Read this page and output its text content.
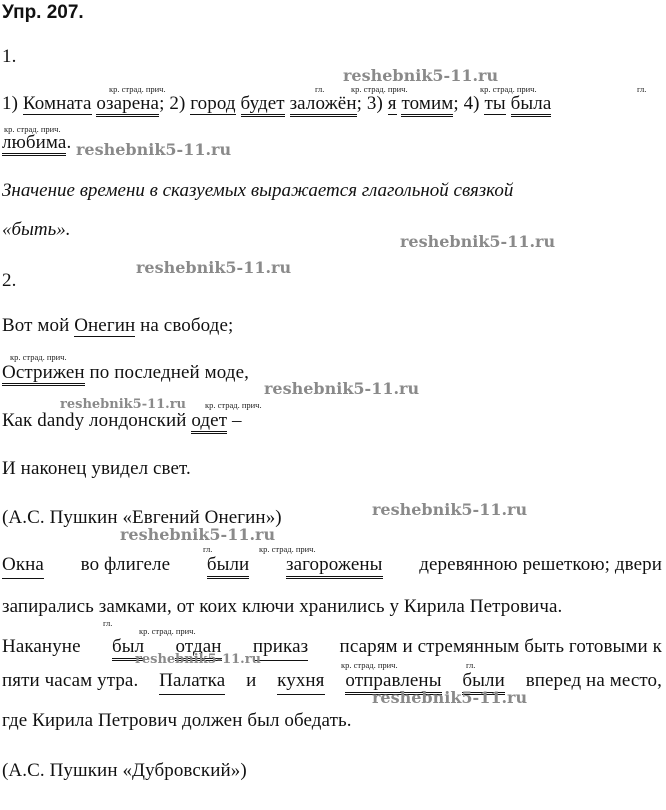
Упр. 207.
1.
reshebnik5-11.ru
кр. страд. прич.	гл.	кр. страд. прич.	кр. страд. прич.	гл.
1) Комната озарена; 2) город будет заложён; 3) я томим; 4) ты была
кр. страд. прич.
любима. reshebnik5-11.ru
Значение времени в сказуемых выражается глагольной связкой
«быть».
reshebnik5-11.ru
2.
reshebnik5-11.ru
Вот мой Онегин на свободе;
кр. страд. прич.
Острижен по последней моде,
reshebnik5-11.ru
reshebnik5-11.ru кр. страд. прич.
Как dandy лондонский одет –
И наконец увидел свет.
(А.С. Пушкин «Евгений Онегин»)	reshebnik5-11.ru
reshebnik5-11.ru
гл.	кр. страд. прич.
Окна во флигеле были загорожены деревянною решеткою; двери
запирались замками, от коих ключи хранились у Кирила Петровича.
гл.
кр. страд. прич.
Накануне был отдан приказ псарям и стремянным быть готовыми к
reshebnik5-11.ru	кр. страд. прич.	гл.
пяти часам утра. Палатка и кухня отправлены были вперед на место,
reshebnik5-11.ru
где Кирила Петрович должен был обедать.
(А.С. Пушкин «Дубровский»)
